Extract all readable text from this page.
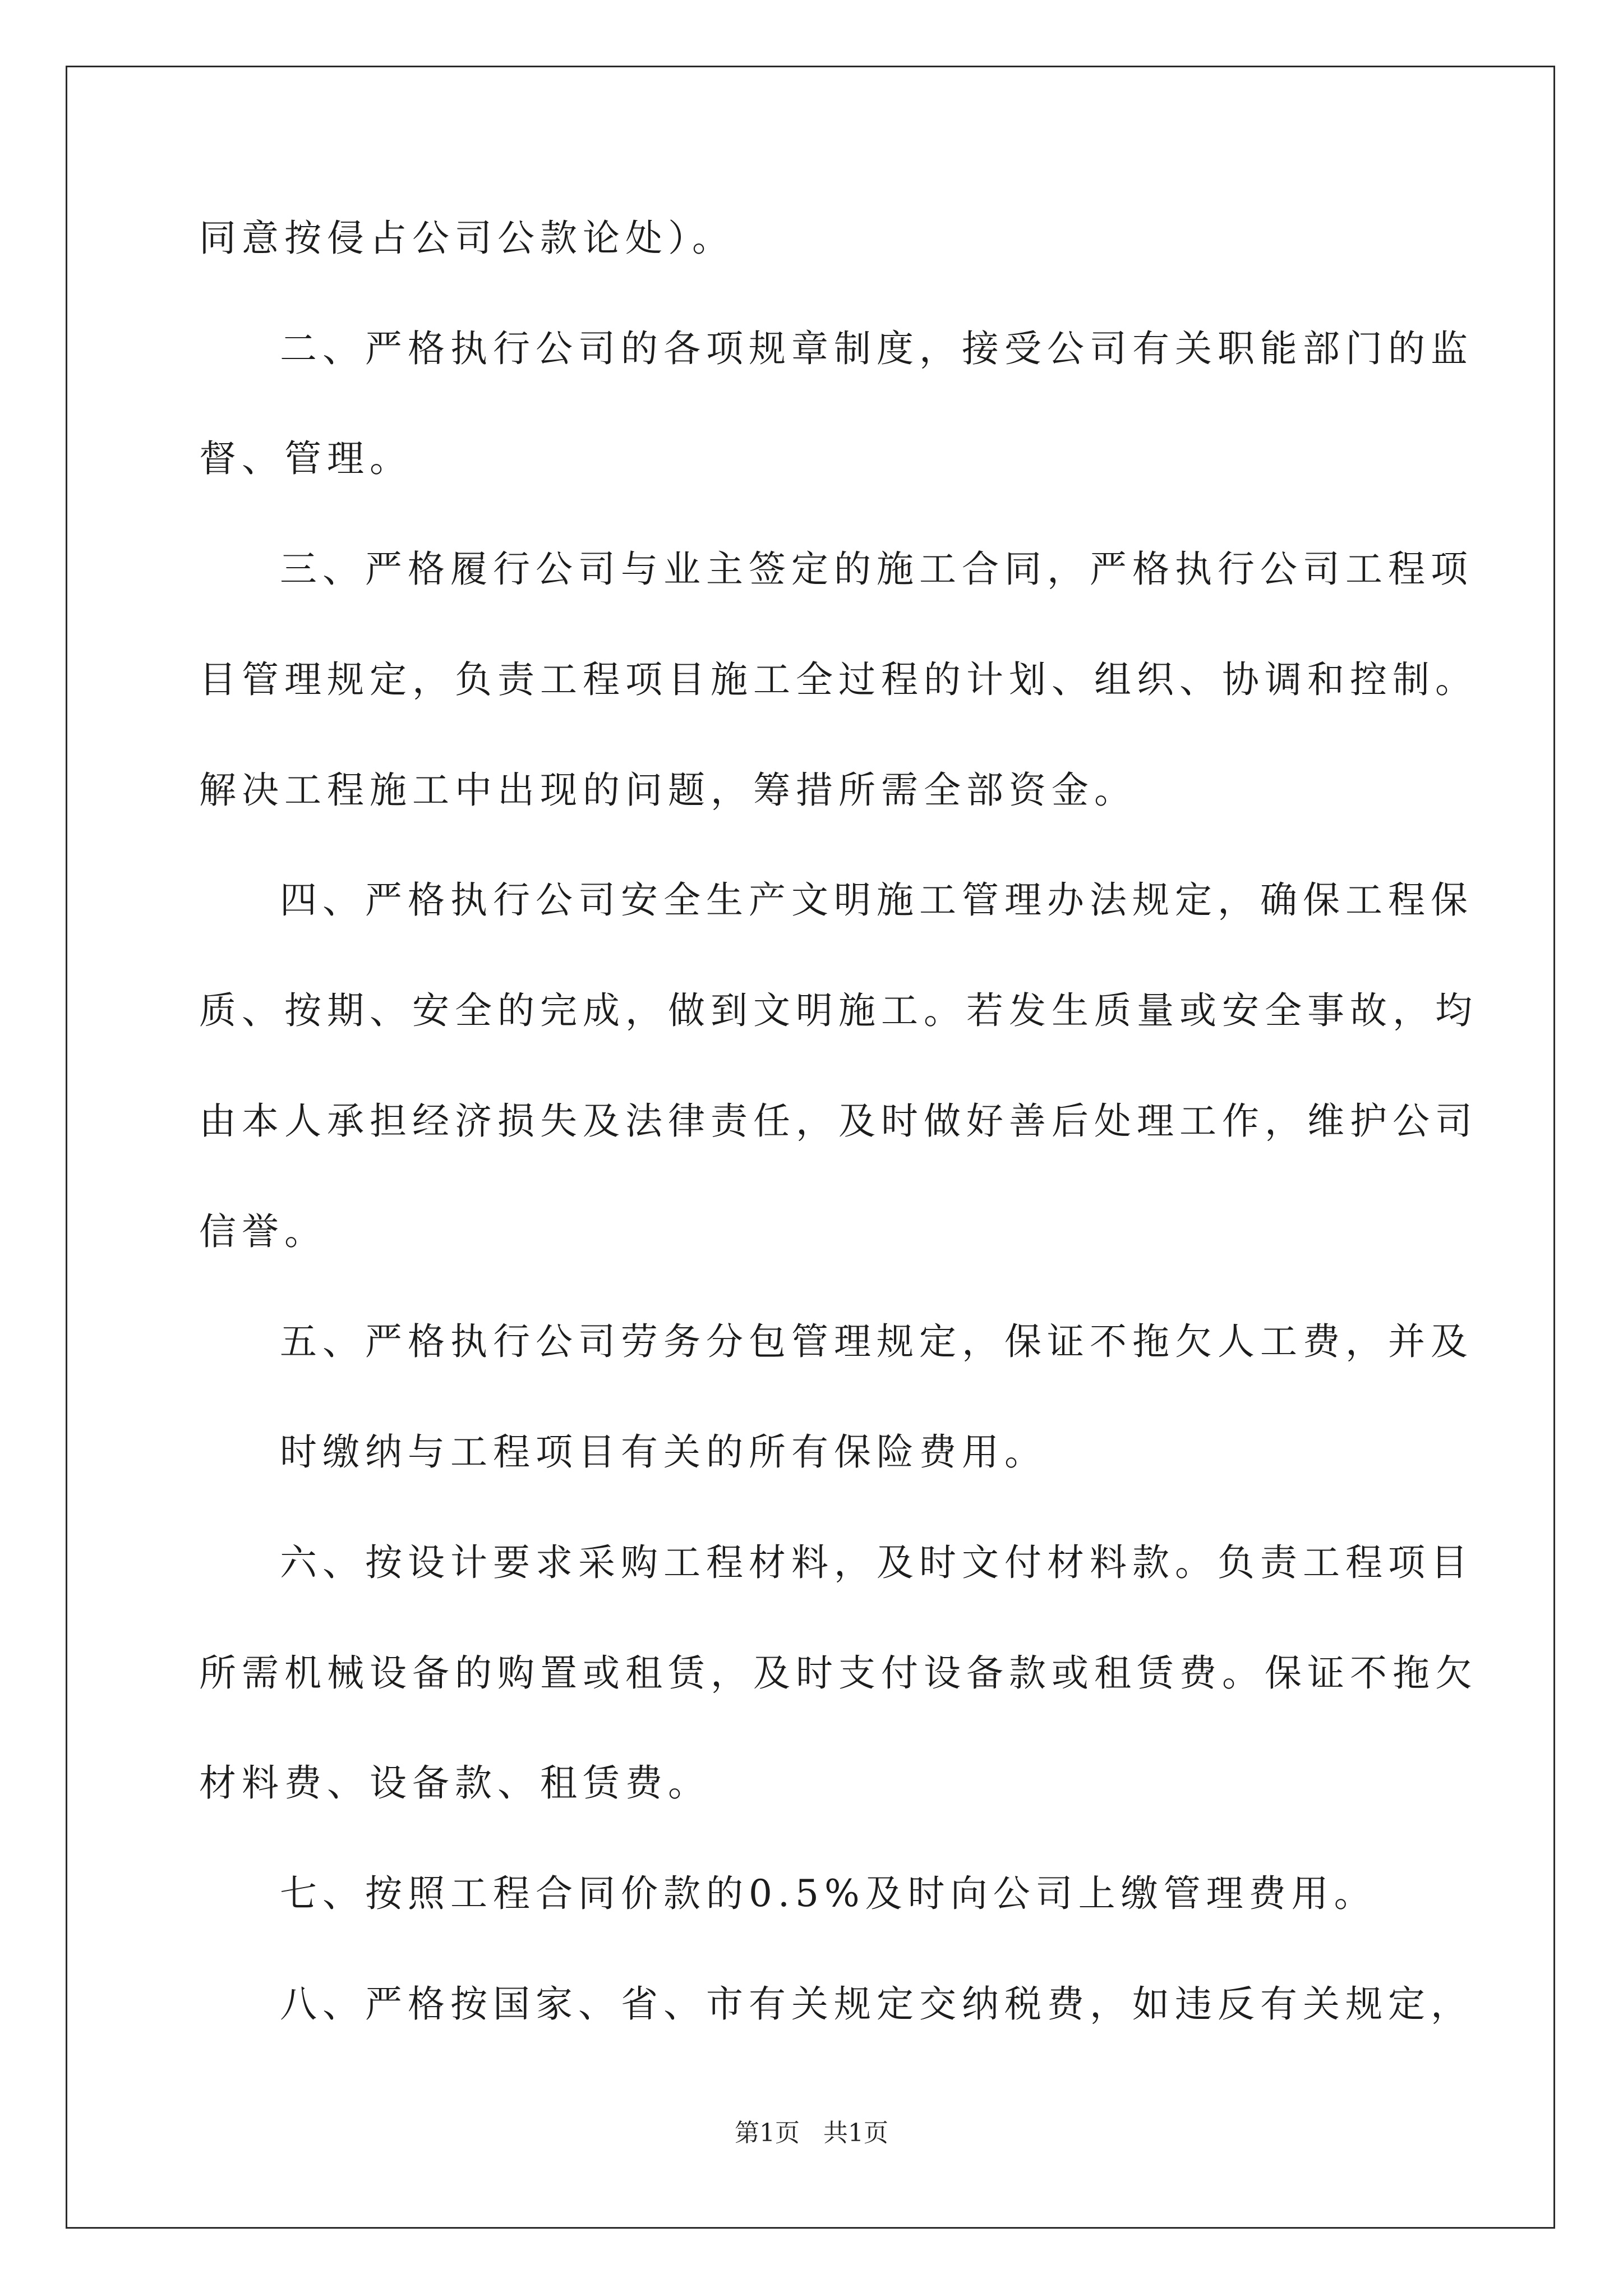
同意按侵占公司公款论处）。
二、严格执行公司的各项规章制度，接受公司有关职能部门的监
督、管理。
三、严格履行公司与业主签定的施工合同，严格执行公司工程项
目管理规定，负责工程项目施工全过程的计划、组织、协调和控制。
解决工程施工中出现的问题，筹措所需全部资金。
四、严格执行公司安全生产文明施工管理办法规定，确保工程保
质、按期、安全的完成，做到文明施工。若发生质量或安全事故，均
由本人承担经济损失及法律责任，及时做好善后处理工作，维护公司
信誉。
五、严格执行公司劳务分包管理规定，保证不拖欠人工费，并及
时缴纳与工程项目有关的所有保险费用。
六、按设计要求采购工程材料，及时文付材料款。负责工程项目
所需机械设备的购置或租赁，及时支付设备款或租赁费。保证不拖欠
材料费、设备款、租赁费。
七、按照工程合同价款的0.5%及时向公司上缴管理费用。
八、严格按国家、省、市有关规定交纳税费，如违反有关规定，
第1页   共1页
